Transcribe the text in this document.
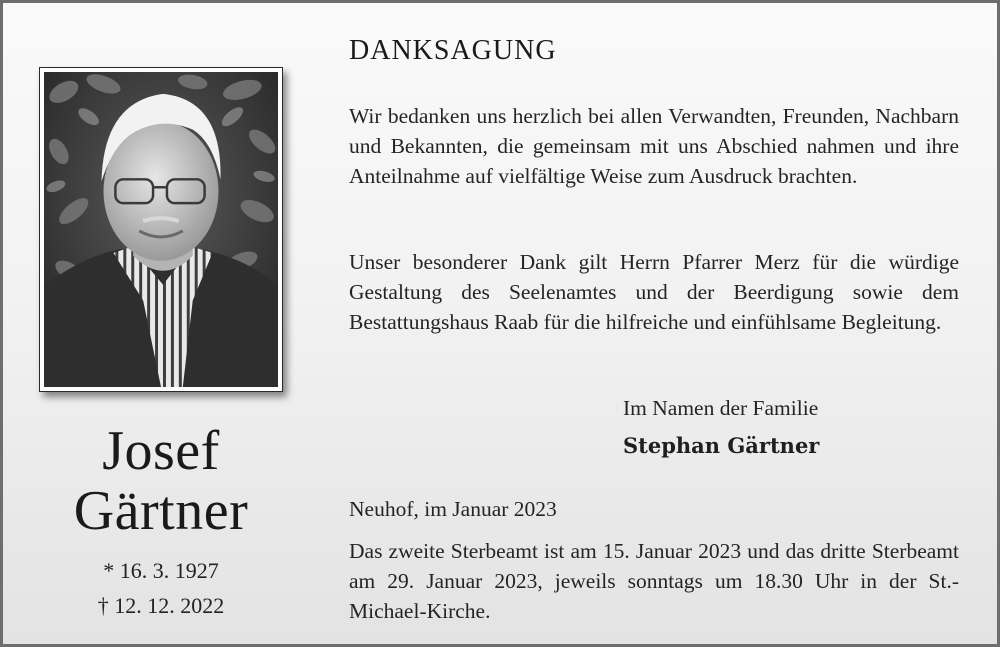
Josef
Gärtner
* 16. 3. 1927
† 12. 12. 2022
DANKSAGUNG
Wir bedanken uns herzlich bei allen Verwandten, Freunden, Nachbarn und Bekannten, die gemeinsam mit uns Abschied nahmen und ihre Anteilnahme auf vielfältige Weise zum Ausdruck brachten.
Unser besonderer Dank gilt Herrn Pfarrer Merz für die würdige Gestaltung des Seelenamtes und der Beerdigung sowie dem Bestattungshaus Raab für die hilfreiche und einfühlsame Begleitung.
Im Namen der Familie
Stephan Gärtner
Neuhof, im Januar 2023
Das zweite Sterbeamt ist am 15. Januar 2023 und das dritte Sterbeamt am 29. Januar 2023, jeweils sonntags um 18.30 Uhr in der St.-Michael-Kirche.
